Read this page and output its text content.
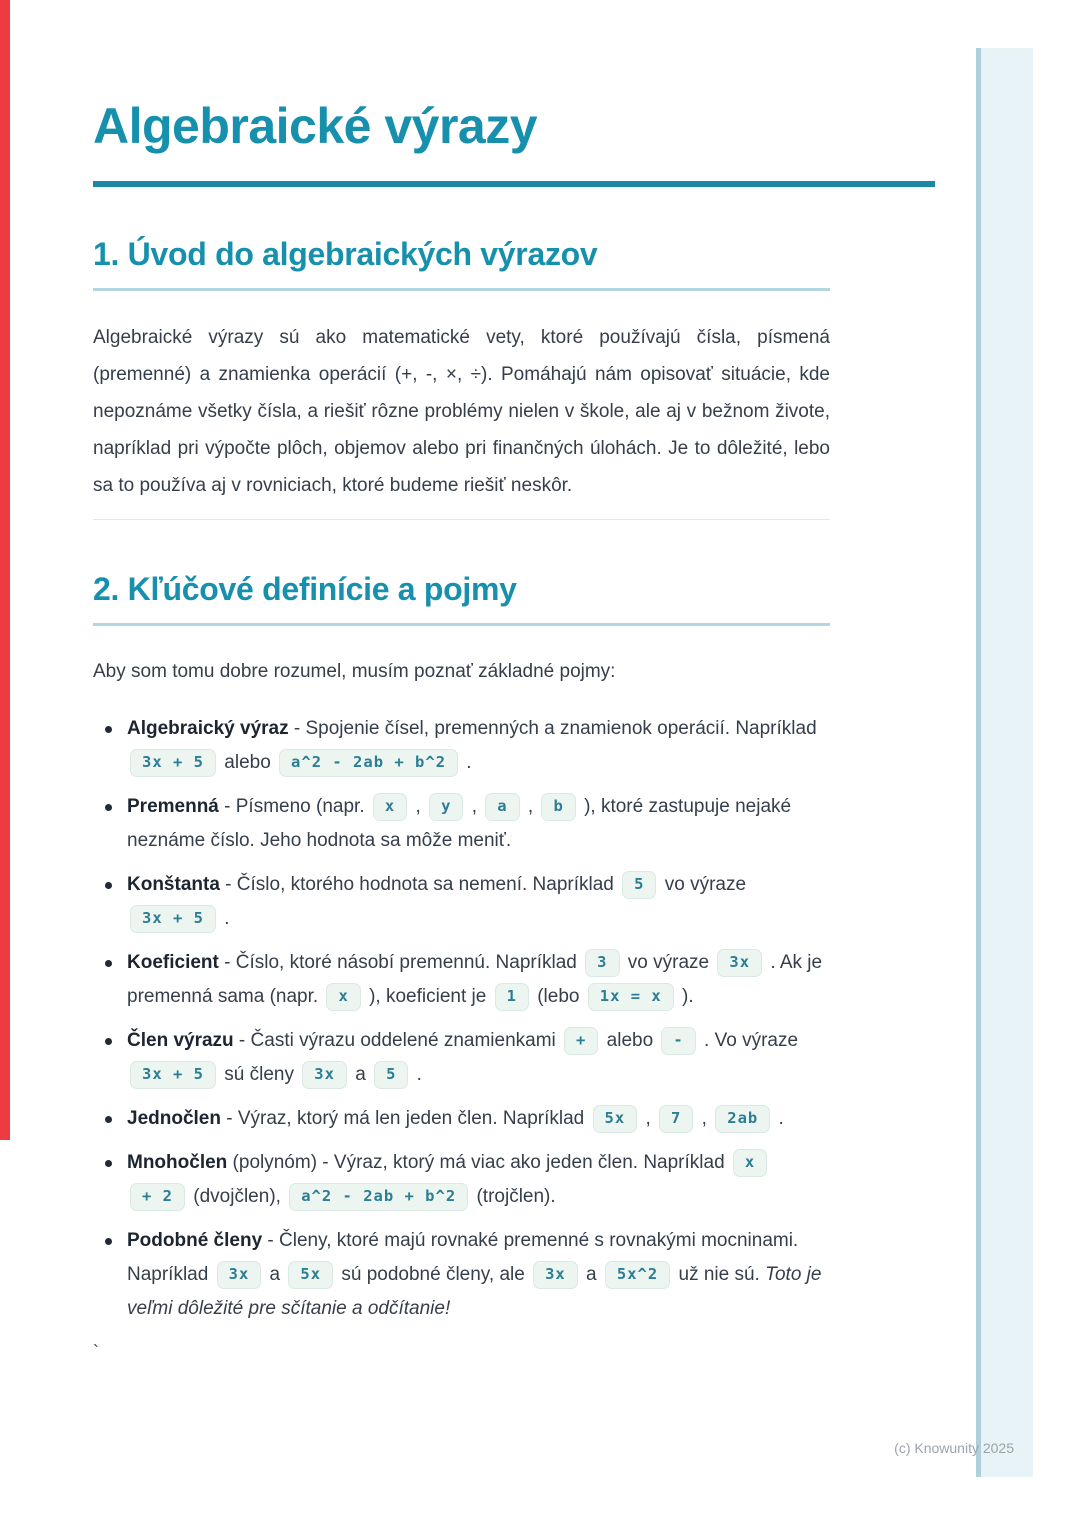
Algebraické výrazy
1. Úvod do algebraických výrazov

Algebraické výrazy sú ako matematické vety, ktoré používajú čísla, písmená (premenné) a znamienka operácií (+, -, ×, ÷). Pomáhajú nám opisovať situácie, kde nepoznáme všetky čísla, a riešiť rôzne problémy nielen v škole, ale aj v bežnom živote, napríklad pri výpočte plôch, objemov alebo pri finančných úlohách. Je to dôležité, lebo sa to používa aj v rovniciach, ktoré budeme riešiť neskôr.

2. Kľúčové definície a pojmy

Aby som tomu dobre rozumel, musím poznať základné pojmy:

Algebraický výraz - Spojenie čísel, premenných a znamienok operácií. Napríklad 3x + 5 alebo a^2 - 2ab + b^2 .
Premenná - Písmeno (napr. x , y , a , b ), ktoré zastupuje nejaké neznáme číslo. Jeho hodnota sa môže meniť.
Konštanta - Číslo, ktorého hodnota sa nemení. Napríklad 5 vo výraze 3x + 5 .
Koeficient - Číslo, ktoré násobí premennú. Napríklad 3 vo výraze 3x . Ak je premenná sama (napr. x ), koeficient je 1 (lebo 1x = x ).
Člen výrazu - Časti výrazu oddelené znamienkami + alebo - . Vo výraze 3x + 5 sú členy 3x a 5 .
Jednočlen - Výraz, ktorý má len jeden člen. Napríklad 5x , 7 , 2ab .
Mnohočlen (polynóm) - Výraz, ktorý má viac ako jeden člen. Napríklad x + 2 (dvojčlen), a^2 - 2ab + b^2 (trojčlen).
Podobné členy - Členy, ktoré majú rovnaké premenné s rovnakými mocninami. Napríklad 3x a 5x sú podobné členy, ale 3x a 5x^2 už nie sú. Toto je veľmi dôležité pre sčítanie a odčítanie!
`
(c) Knowunity 2025
